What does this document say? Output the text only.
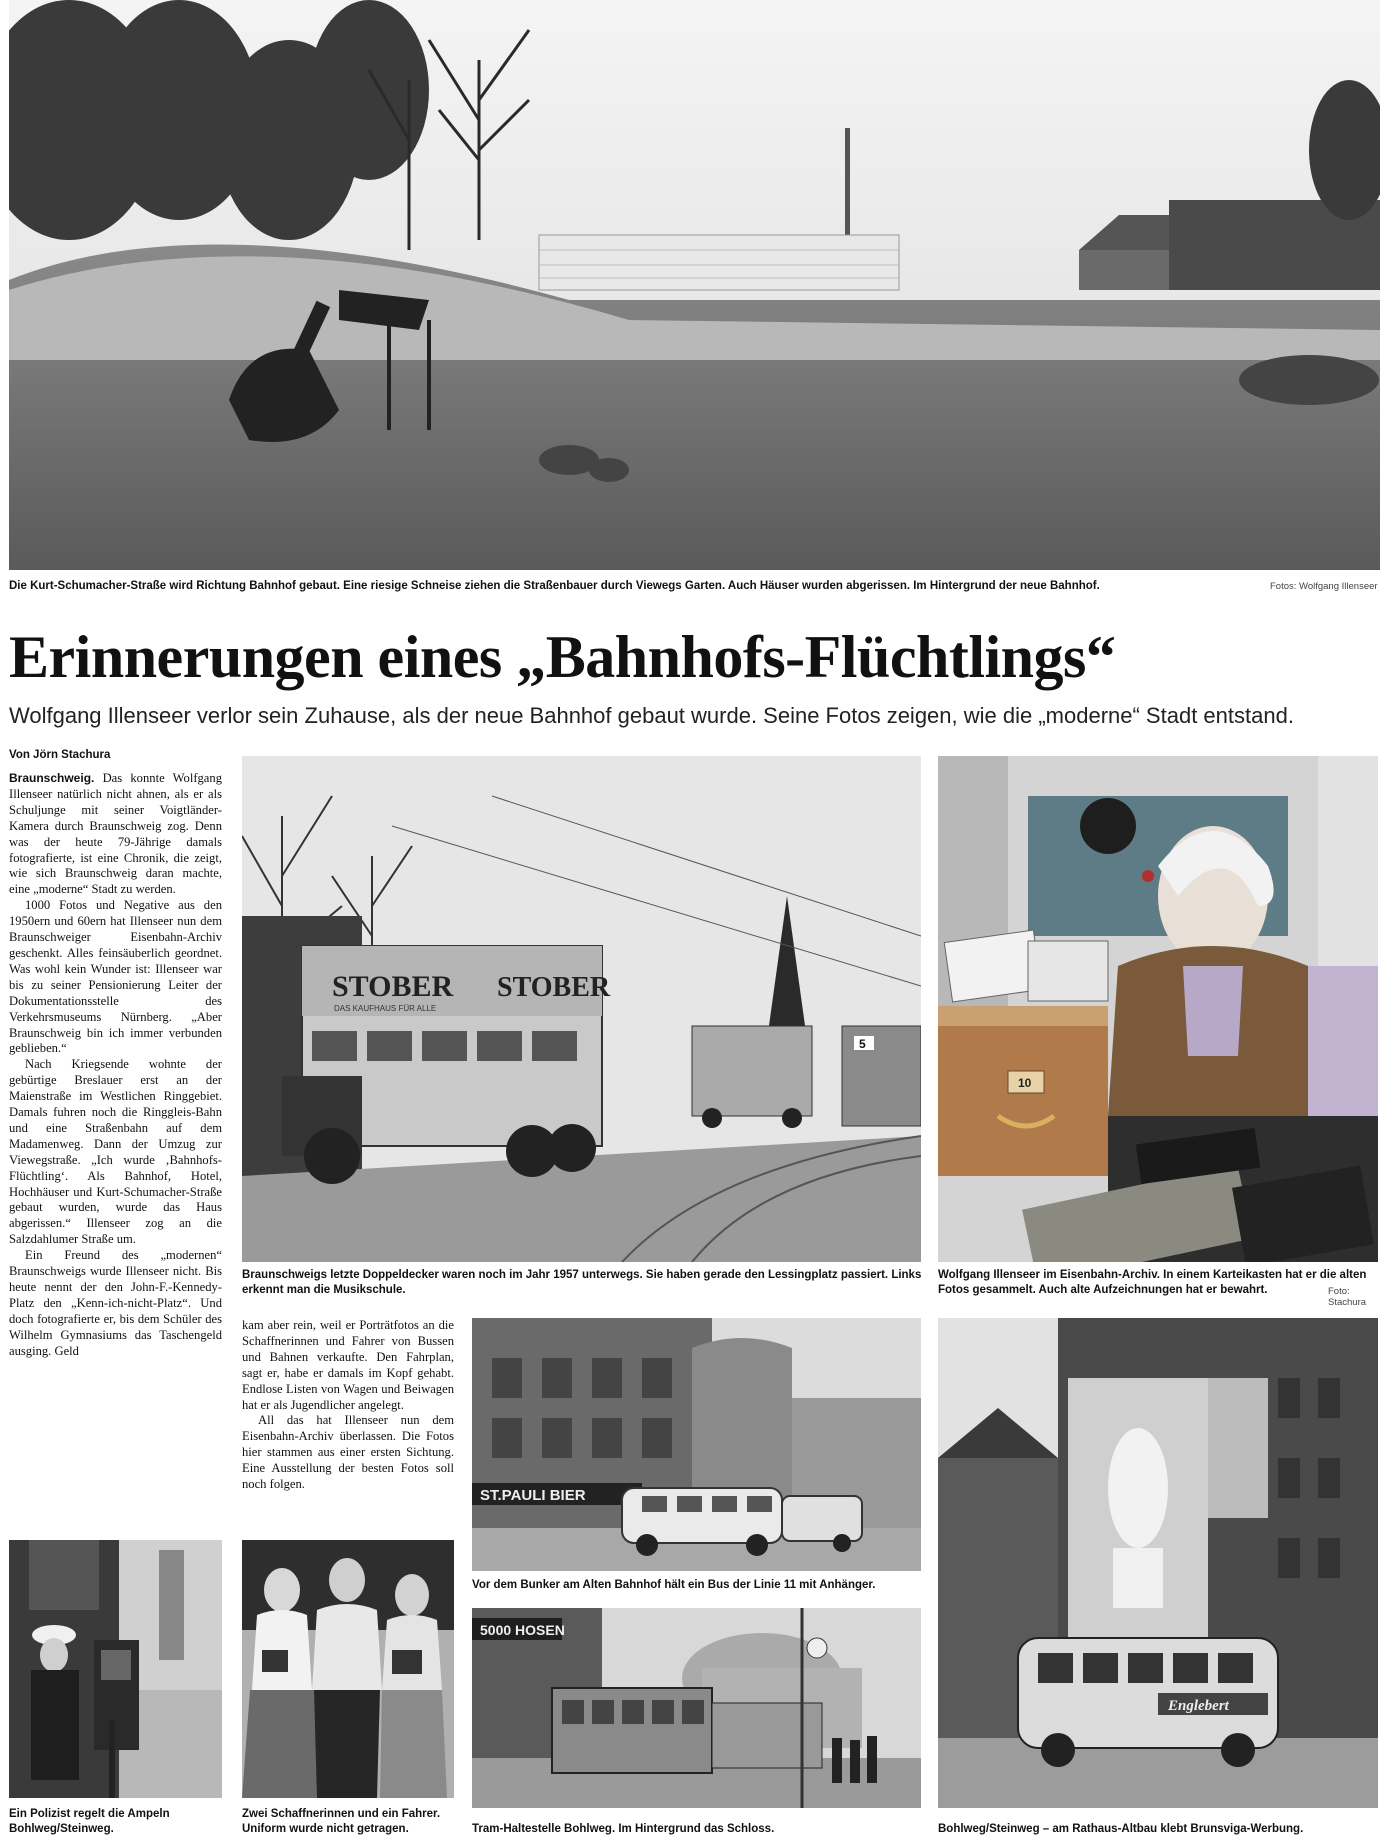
Die Kurt-Schumacher-Straße wird Richtung Bahnhof gebaut. Eine riesige Schneise ziehen die Straßenbauer durch Viewegs Garten. Auch Häuser wurden abgerissen. Im Hintergrund der neue Bahnhof.	Fotos: Wolfgang Illenseer
Erinnerungen eines „Bahnhofs-Flüchtlings“
Wolfgang Illenseer verlor sein Zuhause, als der neue Bahnhof gebaut wurde. Seine Fotos zeigen, wie die „moderne“ Stadt entstand.
Von Jörn Stachura

Braunschweig. Das konnte Wolfgang Illenseer natürlich nicht ahnen, als er als Schuljunge mit seiner Voigtländer-Kamera durch Braunschweig zog. Denn was der heute 79-Jährige damals fotografierte, ist eine Chronik, die zeigt, wie sich Braunschweig daran machte, eine „moderne“ Stadt zu werden.

1000 Fotos und Negative aus den 1950ern und 60ern hat Illenseer nun dem Braunschweiger Eisenbahn-Archiv geschenkt. Alles feinsäuberlich geordnet. Was wohl kein Wunder ist: Illenseer war bis zu seiner Pensionierung Leiter der Dokumentationsstelle des Verkehrsmuseums Nürnberg. „Aber Braunschweig bin ich immer verbunden geblieben.“

Nach Kriegsende wohnte der gebürtige Breslauer erst an der Maienstraße im Westlichen Ringgebiet. Damals fuhren noch die Ringgleis-Bahn und eine Straßenbahn auf dem Madamenweg. Dann der Umzug zur Viewegstraße. „Ich wurde ‚Bahnhofs-Flüchtling‘. Als Bahnhof, Hotel, Hochhäuser und Kurt-Schumacher-Straße gebaut wurden, wurde das Haus abgerissen.“ Illenseer zog an die Salzdahlumer Straße um.

Ein Freund des „modernen“ Braunschweigs wurde Illenseer nicht. Bis heute nennt der den John-F.-Kennedy-Platz den „Kenn-ich-nicht-Platz“. Und doch fotografierte er, bis dem Schüler des Wilhelm Gymnasiums das Taschengeld ausging. Geld

STOBER
DAS KAUFHAUS FÜR ALLE
STOBER
5
Braunschweigs letzte Doppeldecker waren noch im Jahr 1957 unterwegs. Sie haben gerade den Lessingplatz passiert. Links erkennt man die Musikschule.
10
Wolfgang Illenseer im Eisenbahn-Archiv. In einem Karteikasten hat er die alten Fotos gesammelt. Auch alte Aufzeichnungen hat er bewahrt.	Foto: Stachura

kam aber rein, weil er Porträtfotos an die Schaffnerinnen und Fahrer von Bussen und Bahnen verkaufte. Den Fahrplan, sagt er, habe er damals im Kopf gehabt. Endlose Listen von Wagen und Beiwagen hat er als Jugendlicher angelegt.

All das hat Illenseer nun dem Eisenbahn-Archiv überlassen. Die Fotos hier stammen aus einer ersten Sichtung. Eine Ausstellung der besten Fotos soll noch folgen.

ST.PAULI BIER
Vor dem Bunker am Alten Bahnhof hält ein Bus der Linie 11 mit Anhänger.
5000 HOSEN
Tram-Haltestelle Bohlweg. Im Hintergrund das Schloss.
Englebert
Bohlweg/Steinweg – am Rathaus-Altbau klebt Brunsviga-Werbung.
Ein Polizist regelt die Ampeln Bohlweg/Steinweg.
Zwei Schaffnerinnen und ein Fahrer. Uniform wurde nicht getragen.
